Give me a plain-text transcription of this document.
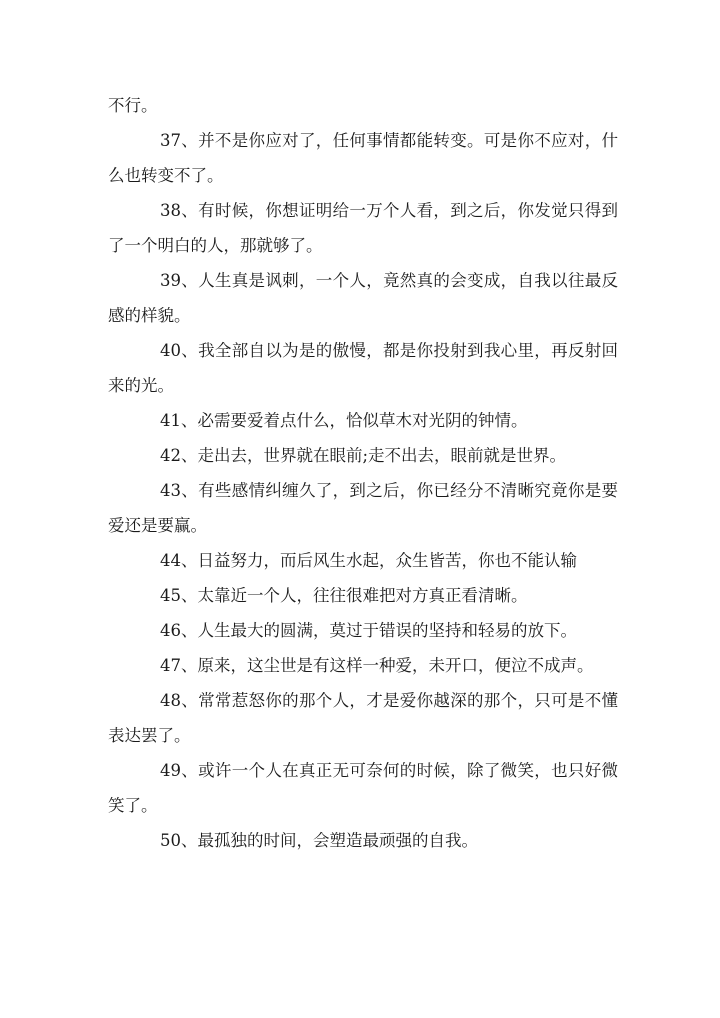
不行。

37、并不是你应对了，任何事情都能转变。可是你不应对，什么也转变不了。

38、有时候，你想证明给一万个人看，到之后，你发觉只得到了一个明白的人，那就够了。

39、人生真是讽刺，一个人，竟然真的会变成，自我以往最反感的样貌。

40、我全部自以为是的傲慢，都是你投射到我心里，再反射回来的光。

41、必需要爱着点什么，恰似草木对光阴的钟情。

42、走出去，世界就在眼前;走不出去，眼前就是世界。

43、有些感情纠缠久了，到之后，你已经分不清晰究竟你是要爱还是要赢。

44、日益努力，而后风生水起，众生皆苦，你也不能认输

45、太靠近一个人，往往很难把对方真正看清晰。

46、人生最大的圆满，莫过于错误的坚持和轻易的放下。

47、原来，这尘世是有这样一种爱，未开口，便泣不成声。

48、常常惹怒你的那个人，才是爱你越深的那个，只可是不懂表达罢了。

49、或许一个人在真正无可奈何的时候，除了微笑，也只好微笑了。

50、最孤独的时间，会塑造最顽强的自我。
